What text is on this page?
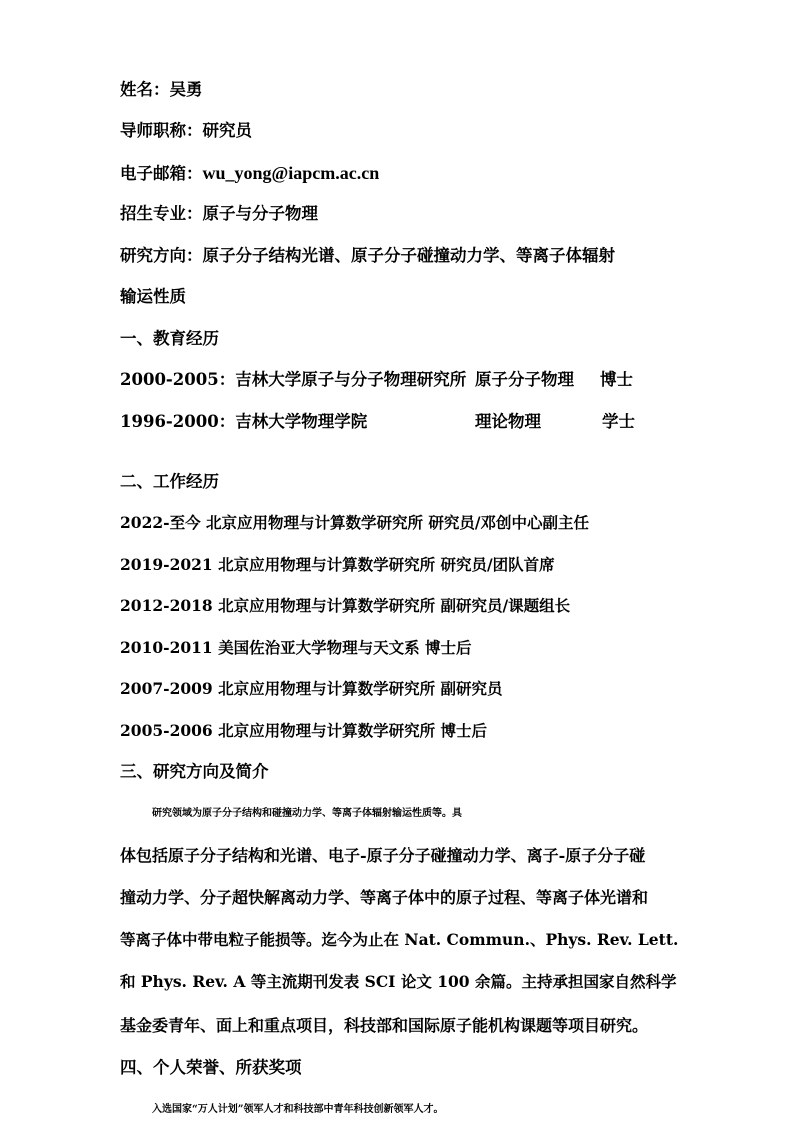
姓名：吴勇
导师职称：研究员
电子邮箱：wu_yong@iapcm.ac.cn
招生专业：原子与分子物理
研究方向：原子分子结构光谱、原子分子碰撞动力学、等离子体辐射
输运性质
一、教育经历
2000-2005：吉林大学原子与分子物理研究所 原子分子物理 博士
1996-2000：吉林大学物理学院	理论物理	学士
二、工作经历
2022-至今 北京应用物理与计算数学研究所 研究员/邓创中心副主任
2019-2021 北京应用物理与计算数学研究所 研究员/团队首席
2012-2018 北京应用物理与计算数学研究所 副研究员/课题组长
2010-2011 美国佐治亚大学物理与天文系 博士后
2007-2009 北京应用物理与计算数学研究所 副研究员
2005-2006 北京应用物理与计算数学研究所 博士后
三、研究方向及简介
研究领域为原子分子结构和碰撞动力学、等离子体辐射输运性质等。具
体包括原子分子结构和光谱、电子-原子分子碰撞动力学、离子-原子分子碰
撞动力学、分子超快解离动力学、等离子体中的原子过程、等离子体光谱和
等离子体中带电粒子能损等。迄今为止在 Nat. Commun.、Phys. Rev. Lett.
和 Phys. Rev. A 等主流期刊发表 SCI 论文 100 余篇。主持承担国家自然科学
基金委青年、面上和重点项目，科技部和国际原子能机构课题等项目研究。
四、个人荣誉、所获奖项
入选国家“万人计划”领军人才和科技部中青年科技创新领军人才。
